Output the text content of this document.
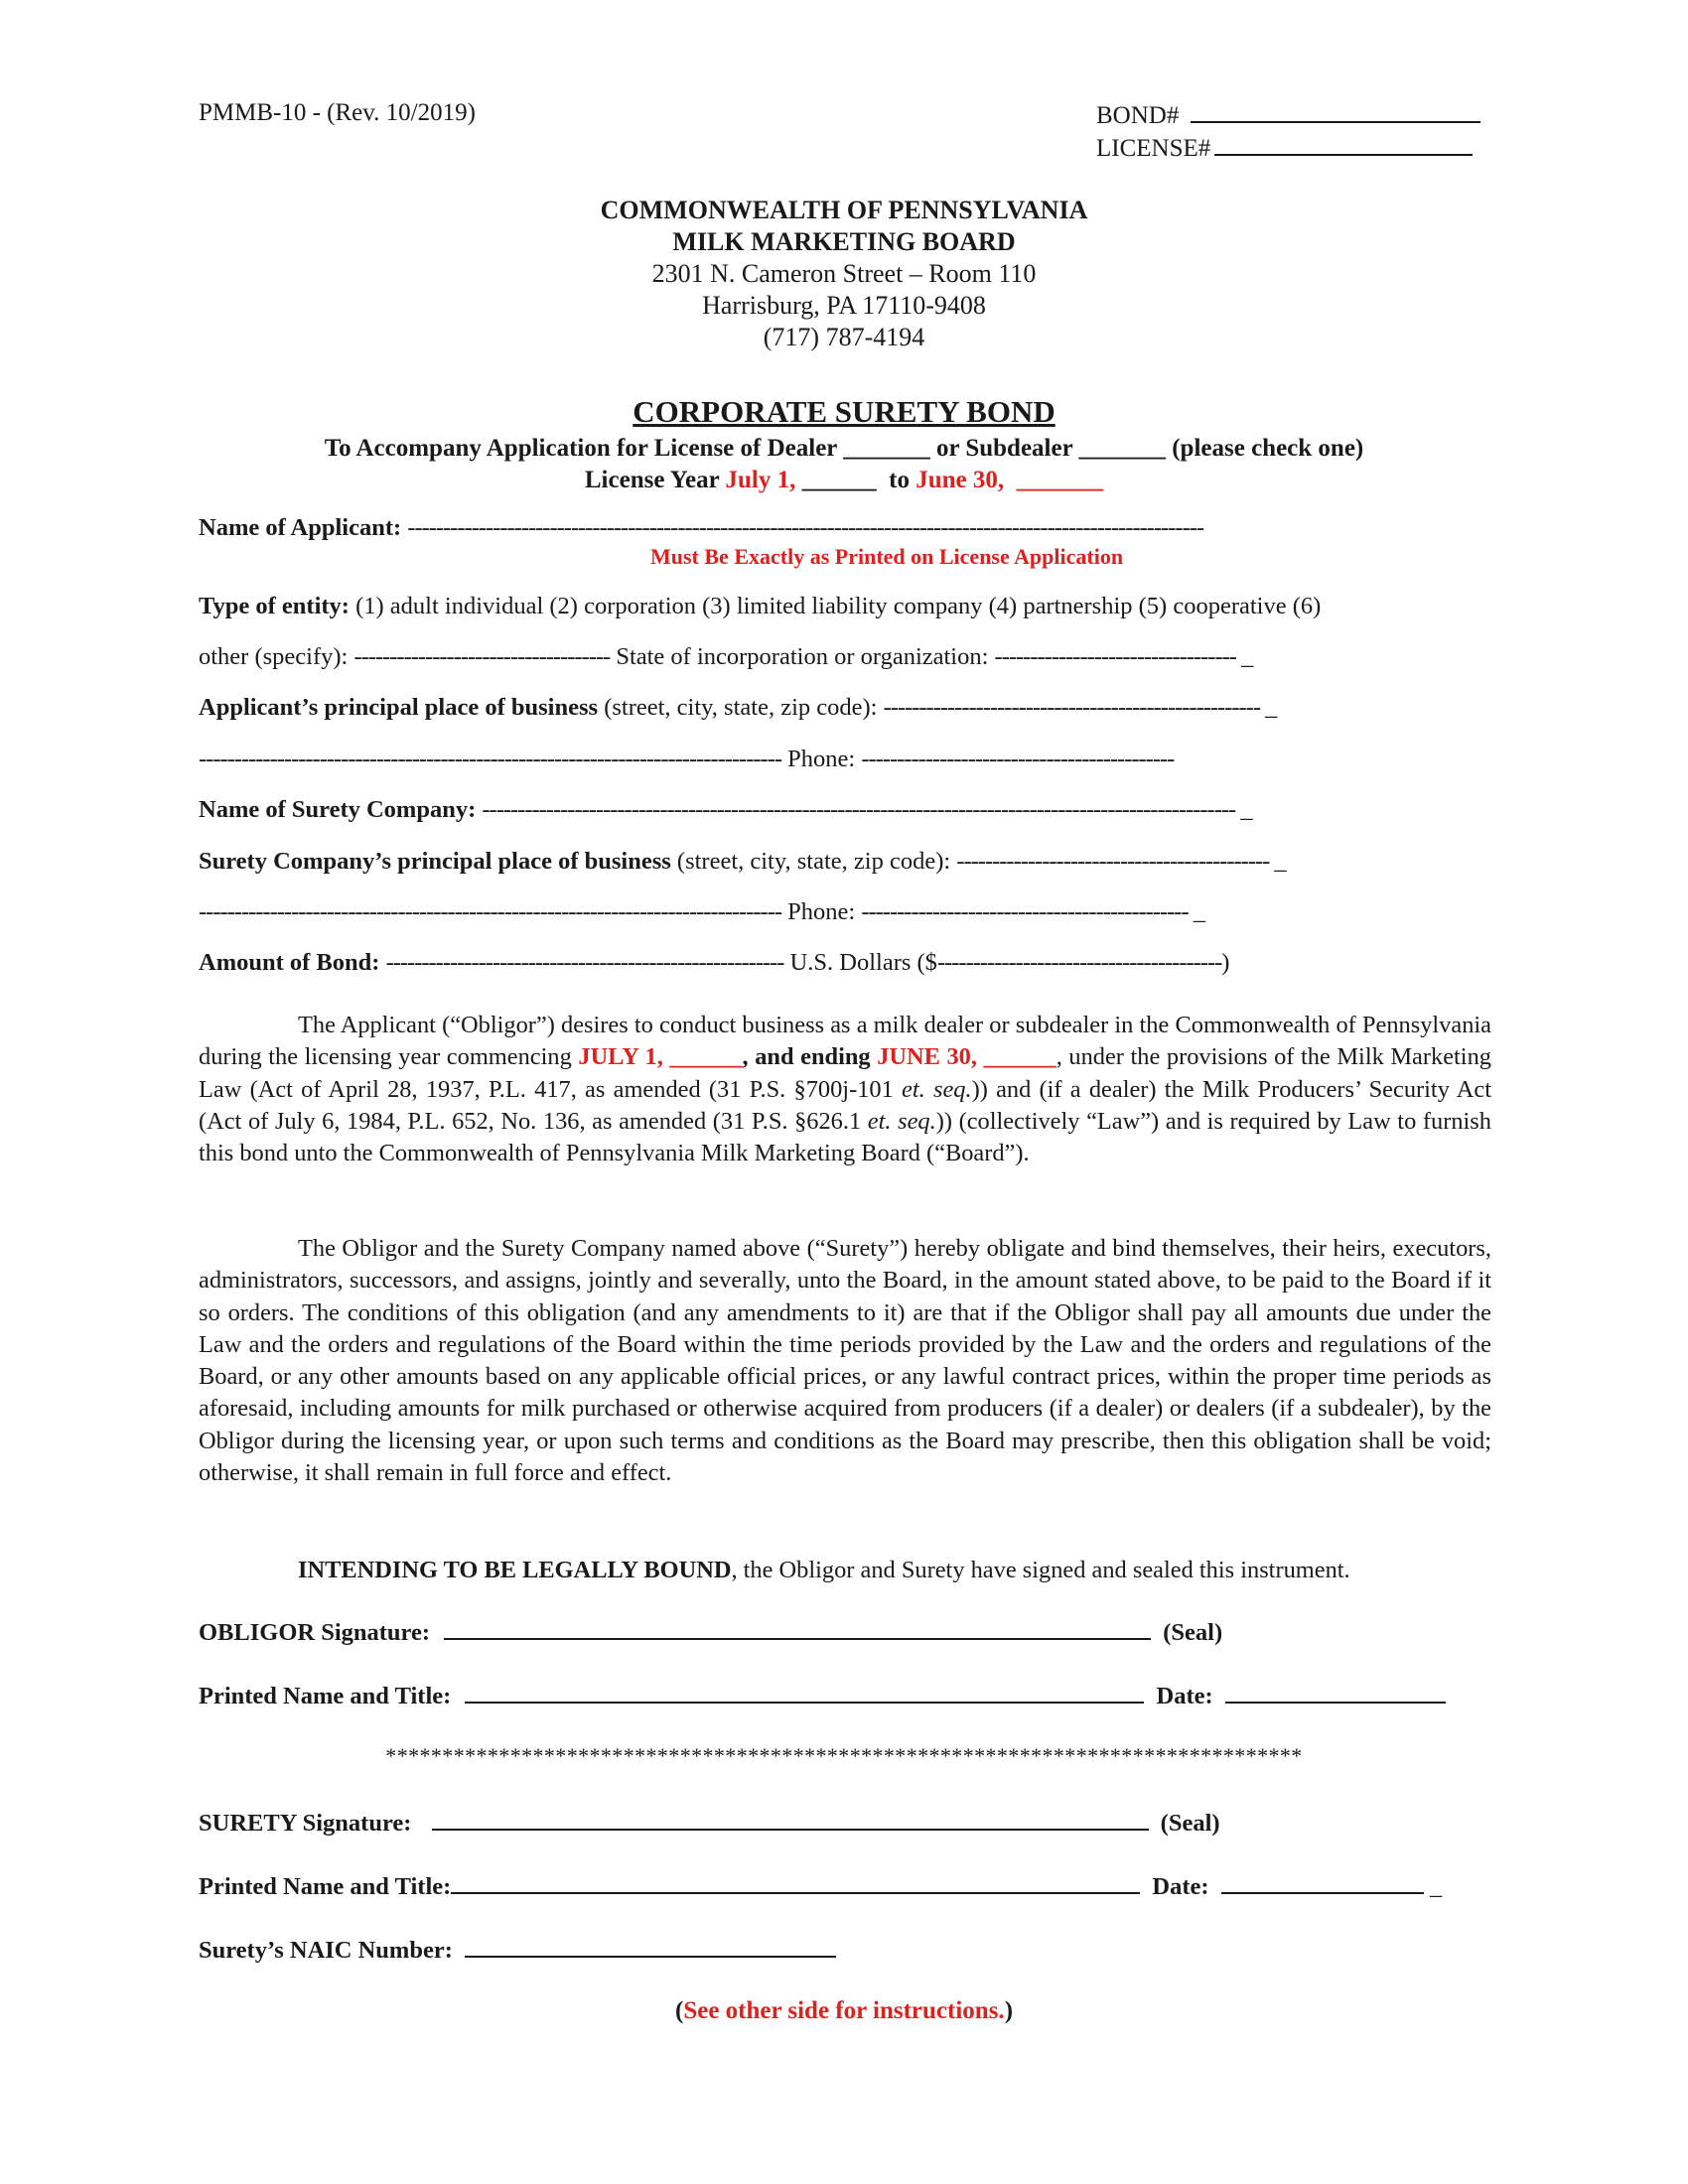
PMMB-10 - (Rev. 10/2019)	BOND#
LICENSE#
COMMONWEALTH OF PENNSYLVANIA
MILK MARKETING BOARD
2301 N. Cameron Street – Room 110
Harrisburg, PA 17110-9408
(717) 787-4194
CORPORATE SURETY BOND
To Accompany Application for License of Dealer _______ or Subdealer _______ (please check one)
License Year July 1, ______ to June 30, _______
Name of Applicant: ----------------------------------------------------------------------------------------------------------------
Must Be Exactly as Printed on License Application
Type of entity: (1) adult individual (2) corporation (3) limited liability company (4) partnership (5) cooperative (6)
other (specify): ------------------------------------ State of incorporation or organization: ---------------------------------- _
Applicant’s principal place of business (street, city, state, zip code): ----------------------------------------------------- _
---------------------------------------------------------------------------------- Phone: --------------------------------------------
Name of Surety Company: ---------------------------------------------------------------------------------------------------------- _
Surety Company’s principal place of business (street, city, state, zip code): -------------------------------------------- _
---------------------------------------------------------------------------------- Phone: ---------------------------------------------- _
Amount of Bond: -------------------------------------------------------- U.S. Dollars ($----------------------------------------)

The Applicant (“Obligor”) desires to conduct business as a milk dealer or subdealer in the Commonwealth of Pennsylvania during the licensing year commencing JULY 1, ______, and ending JUNE 30, ______, under the provisions of the Milk Marketing Law (Act of April 28, 1937, P.L. 417, as amended (31 P.S. §700j-101 et. seq.)) and (if a dealer) the Milk Producers’ Security Act (Act of July 6, 1984, P.L. 652, No. 136, as amended (31 P.S. §626.1 et. seq.)) (collectively “Law”) and is required by Law to furnish this bond unto the Commonwealth of Pennsylvania Milk Marketing Board (“Board”).

The Obligor and the Surety Company named above (“Surety”) hereby obligate and bind themselves, their heirs, executors, administrators, successors, and assigns, jointly and severally, unto the Board, in the amount stated above, to be paid to the Board if it so orders. The conditions of this obligation (and any amendments to it) are that if the Obligor shall pay all amounts due under the Law and the orders and regulations of the Board within the time periods provided by the Law and the orders and regulations of the Board, or any other amounts based on any applicable official prices, or any lawful contract prices, within the proper time periods as aforesaid, including amounts for milk purchased or otherwise acquired from producers (if a dealer) or dealers (if a subdealer), by the Obligor during the licensing year, or upon such terms and conditions as the Board may prescribe, then this obligation shall be void; otherwise, it shall remain in full force and effect.

INTENDING TO BE LEGALLY BOUND, the Obligor and Surety have signed and sealed this instrument.

OBLIGOR Signature:	(Seal)
Printed Name and Title:	Date:
*********************************************************************************
SURETY Signature:	(Seal)
Printed Name and Title:	Date:	_
Surety’s NAIC Number:
(See other side for instructions.)
